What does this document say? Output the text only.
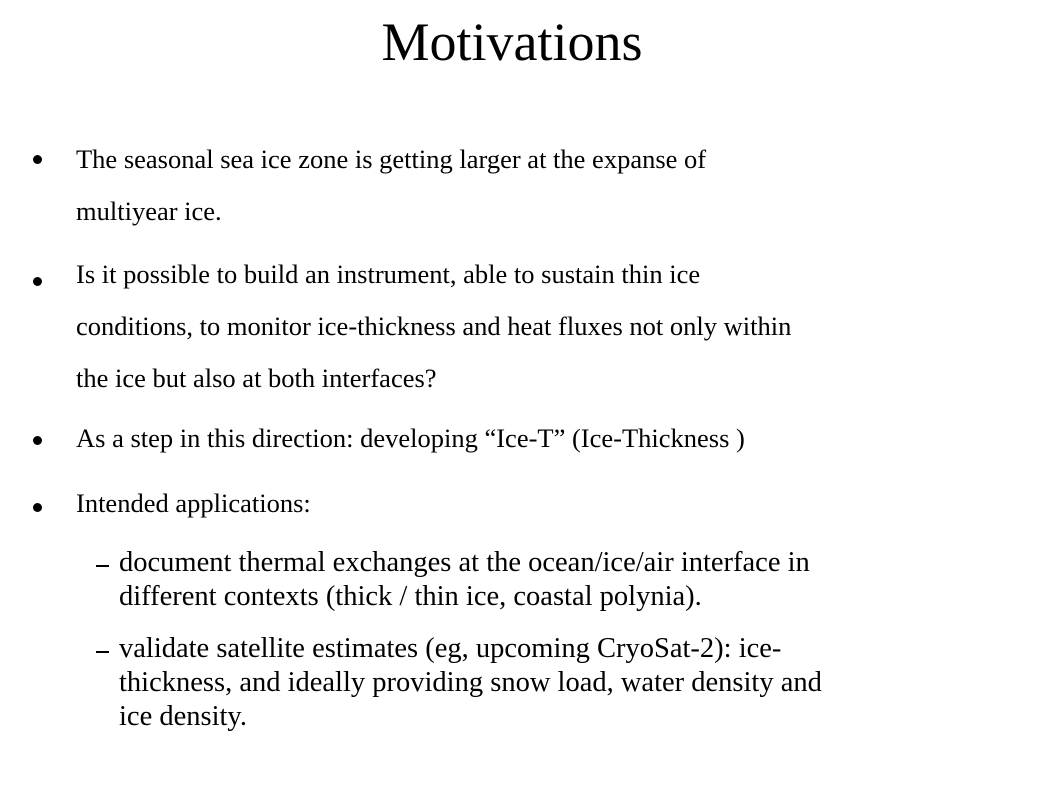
Motivations
The seasonal sea ice zone is getting larger at the expanse of
multiyear ice.
Is it possible to build an instrument, able to sustain thin ice
conditions, to monitor ice-thickness and heat fluxes not only within
the ice but also at both interfaces?
As a step in this direction: developing “Ice-T” (Ice-Thickness )
Intended applications:
document thermal exchanges at the ocean/ice/air interface in
different contexts (thick / thin ice, coastal polynia).
validate satellite estimates (eg, upcoming CryoSat-2): ice-
thickness, and ideally providing snow load, water density and
ice density.
